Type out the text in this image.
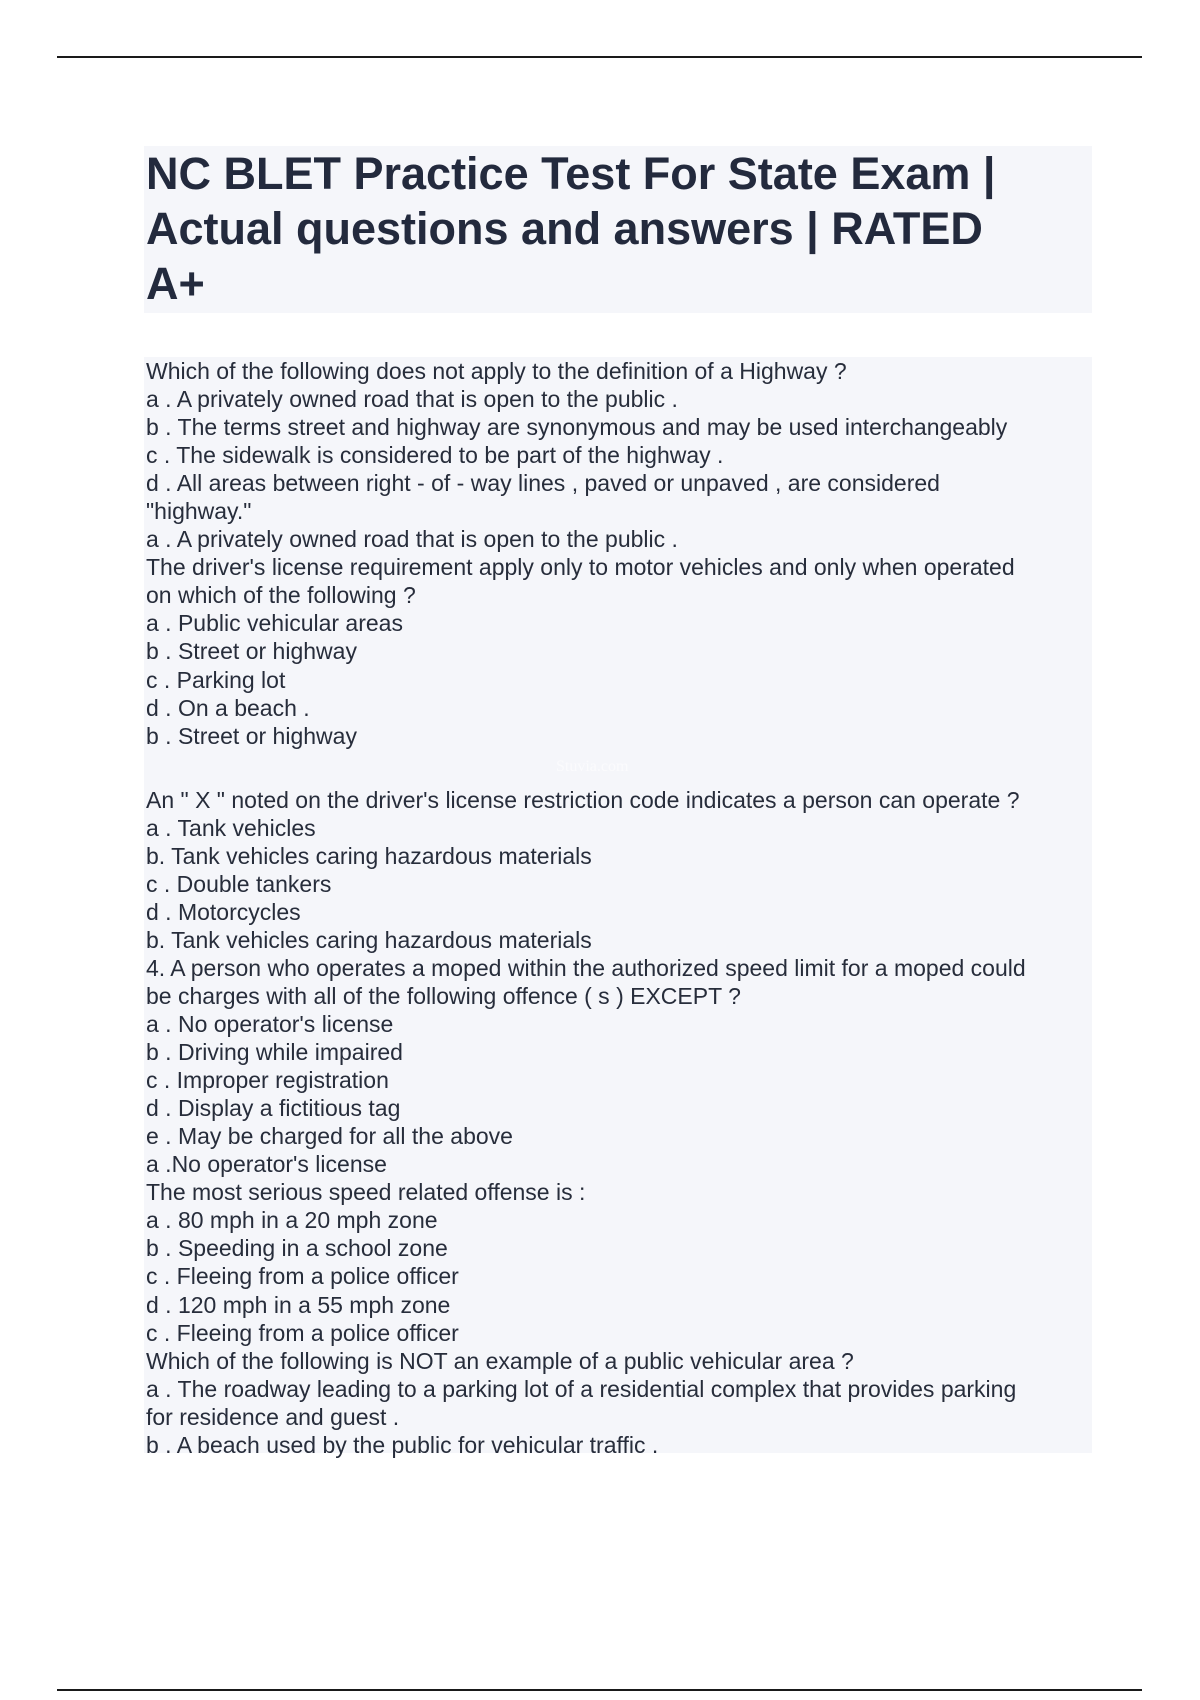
NC BLET Practice Test For State Exam |
Actual questions and answers | RATED
A+
Which of the following does not apply to the definition of a Highway ?
a . A privately owned road that is open to the public .
b . The terms street and highway are synonymous and may be used interchangeably
c . The sidewalk is considered to be part of the highway .
d . All areas between right - of - way lines , paved or unpaved , are considered
"highway."
a . A privately owned road that is open to the public .
The driver's license requirement apply only to motor vehicles and only when operated
on which of the following ?
a . Public vehicular areas
b . Street or highway
c . Parking lot
d . On a beach .
b . Street or highway
An " X " noted on the driver's license restriction code indicates a person can operate ?
a . Tank vehicles
b. Tank vehicles caring hazardous materials
c . Double tankers
d . Motorcycles
b. Tank vehicles caring hazardous materials
4. A person who operates a moped within the authorized speed limit for a moped could
be charges with all of the following offence ( s ) EXCEPT ?
a . No operator's license
b . Driving while impaired
c . Improper registration
d . Display a fictitious tag
e . May be charged for all the above
a .No operator's license
The most serious speed related offense is :
a . 80 mph in a 20 mph zone
b . Speeding in a school zone
c . Fleeing from a police officer
d . 120 mph in a 55 mph zone
c . Fleeing from a police officer
Which of the following is NOT an example of a public vehicular area ?
a . The roadway leading to a parking lot of a residential complex that provides parking
for residence and guest .
b . A beach used by the public for vehicular traffic .
Stuvia.com
